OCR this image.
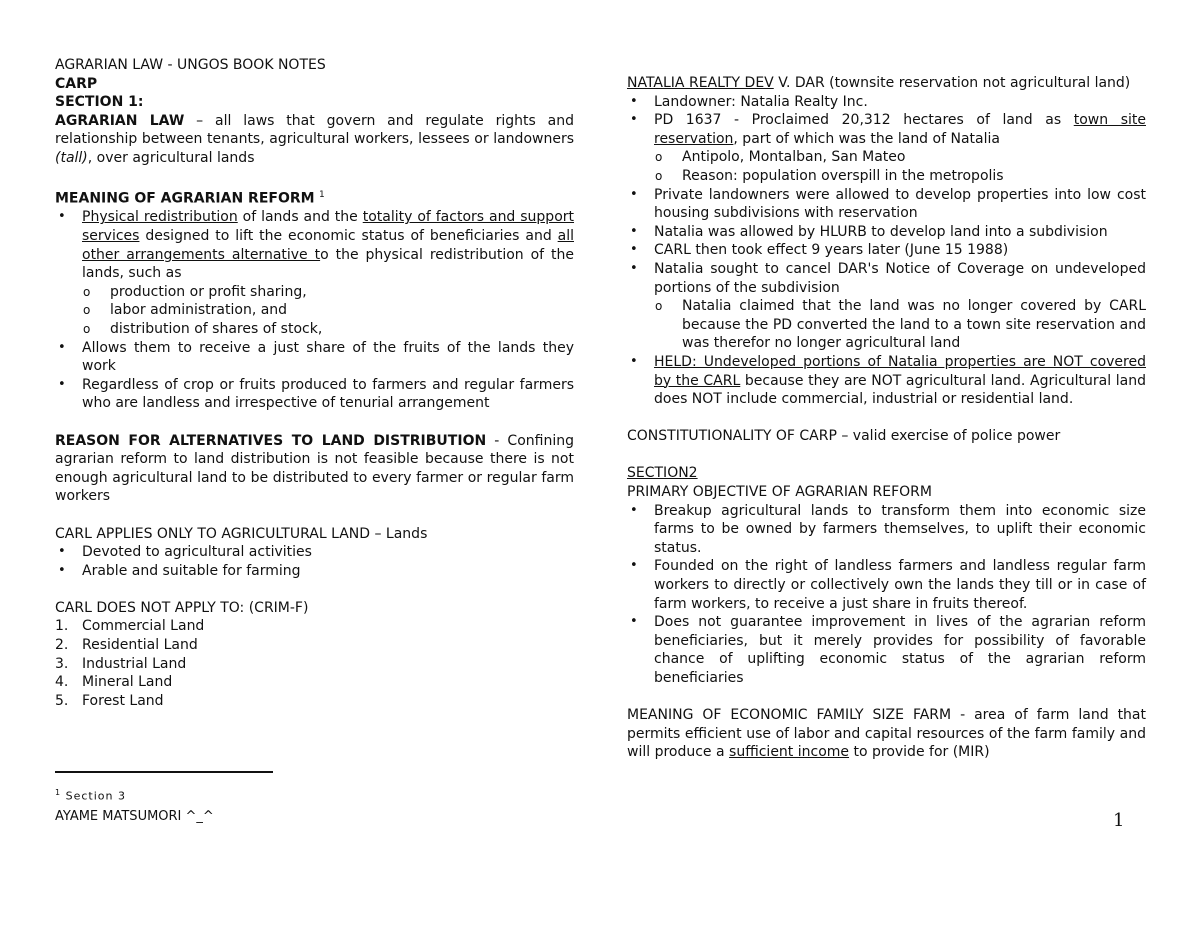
AGRARIAN LAW - UNGOS BOOK NOTES

CARP

SECTION 1:

AGRARIAN LAW – all laws that govern and regulate rights and relationship between tenants, agricultural workers, lessees or landowners (tall), over agricultural lands

MEANING OF AGRARIAN REFORM $^1$

• Physical redistribution of lands and the totality of factors and support services designed to lift the economic status of beneficiaries and all other arrangements alternative to the physical redistribution of the lands, such as
o production or profit sharing,
o labor administration, and
o distribution of shares of stock,
• Allows them to receive a just share of the fruits of the lands they work
• Regardless of crop or fruits produced to farmers and regular farmers who are landless and irrespective of tenurial arrangement

REASON FOR ALTERNATIVES TO LAND DISTRIBUTION - Confining agrarian reform to land distribution is not feasible because there is not enough agricultural land to be distributed to every farmer or regular farm workers

CARL APPLIES ONLY TO AGRICULTURAL LAND – Lands

• Devoted to agricultural activities
• Arable and suitable for farming

CARL DOES NOT APPLY TO: (CRIM-F)

1. Commercial Land
2. Residential Land
3. Industrial Land
4. Mineral Land
5. Forest Land
$^1$ Section 3
AYAME MATSUMORI ^_^	1

NATALIA REALTY DEV V. DAR (townsite reservation not agricultural land)

• Landowner: Natalia Realty Inc.
• PD 1637 - Proclaimed 20,312 hectares of land as town site reservation, part of which was the land of Natalia
o Antipolo, Montalban, San Mateo
o Reason: population overspill in the metropolis
• Private landowners were allowed to develop properties into low cost housing subdivisions with reservation
• Natalia was allowed by HLURB to develop land into a subdivision
• CARL then took effect 9 years later (June 15 1988)
• Natalia sought to cancel DAR's Notice of Coverage on undeveloped portions of the subdivision
o Natalia claimed that the land was no longer covered by CARL because the PD converted the land to a town site reservation and was therefor no longer agricultural land
• HELD: Undeveloped portions of Natalia properties are NOT covered by the CARL because they are NOT agricultural land. Agricultural land does NOT include commercial, industrial or residential land.

CONSTITUTIONALITY OF CARP – valid exercise of police power

SECTION2

PRIMARY OBJECTIVE OF AGRARIAN REFORM

• Breakup agricultural lands to transform them into economic size farms to be owned by farmers themselves, to uplift their economic status.
• Founded on the right of landless farmers and landless regular farm workers to directly or collectively own the lands they till or in case of farm workers, to receive a just share in fruits thereof.
• Does not guarantee improvement in lives of the agrarian reform beneficiaries, but it merely provides for possibility of favorable chance of uplifting economic status of the agrarian reform beneficiaries

MEANING OF ECONOMIC FAMILY SIZE FARM - area of farm land that permits efficient use of labor and capital resources of the farm family and will produce a sufficient income to provide for (MIR)
